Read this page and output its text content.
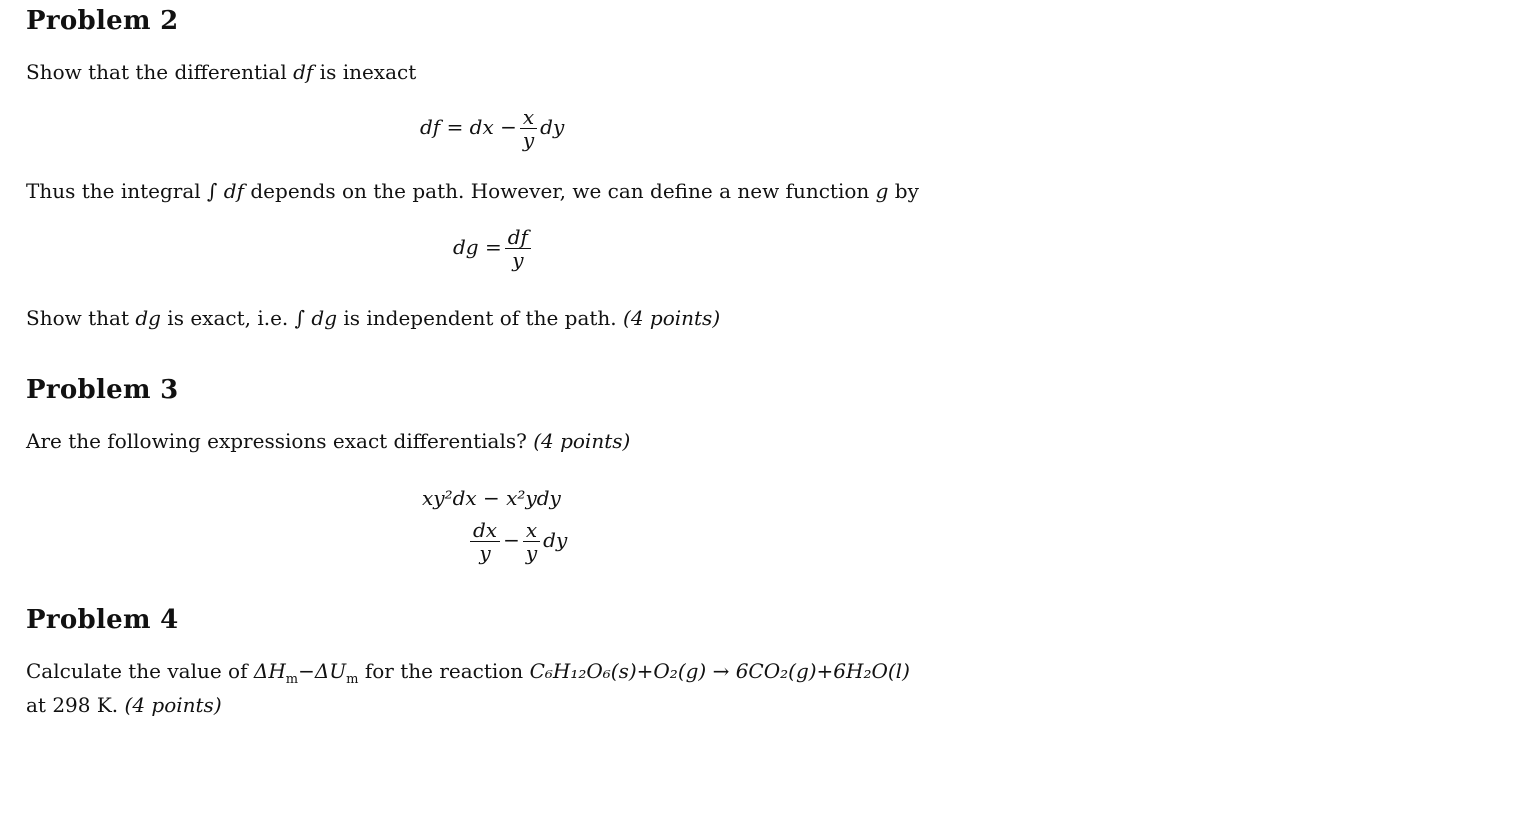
Problem 2
Show that the differential df is inexact
df = dx − $\frac{x}{y}$ dy
Thus the integral ∫ df depends on the path. However, we can define a new function g by
dg = $\frac{df}{y}$
Show that dg is exact, i.e. ∫ dg is independent of the path. (4 points)
Problem 3
Are the following expressions exact differentials? (4 points)
xy²dx − x²ydy
$\frac{dx}{y} - \frac{x}{y}$ dy
Problem 4
Calculate the value of $\Delta H_m-\Delta U_m$ for the reaction C₆H₁₂O₆(s)+O₂(g) → 6CO₂(g)+6H₂O(l)
at 298 K. (4 points)
